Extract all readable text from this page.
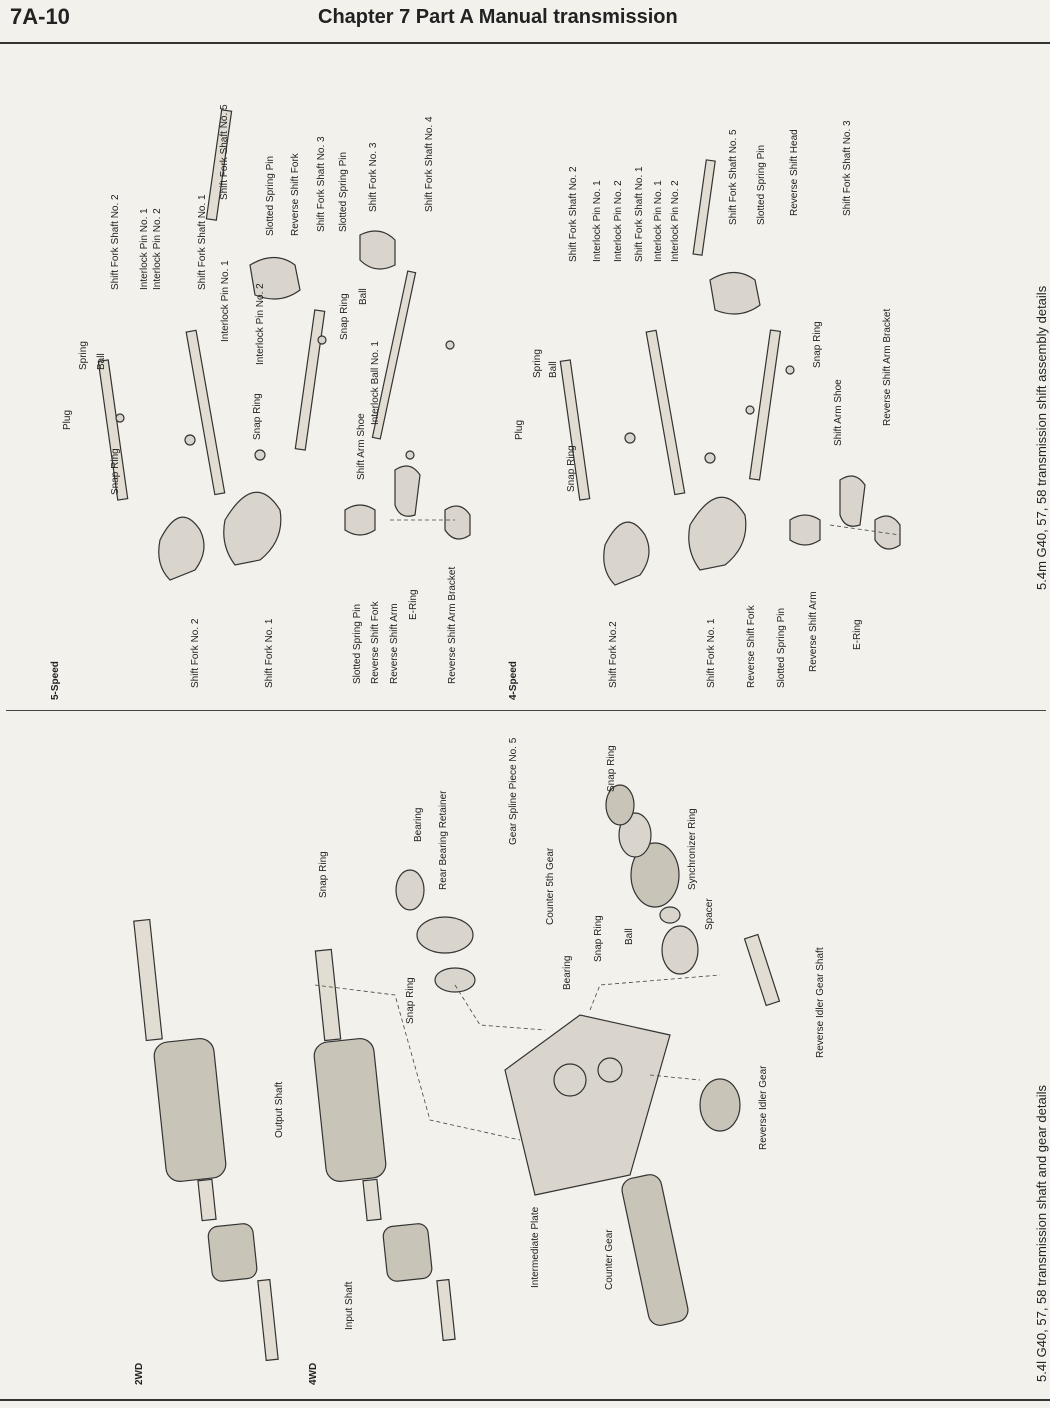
7A-10	Chapter 7 Part A Manual transmission
5-Speed	4-Speed
Shift Fork Shaft No. 2 Interlock Pin No. 1 Interlock Pin No. 2	Shift Fork Shaft No. 1
Interlock Pin No. 1
Shift Fork Shaft No. 5	Slotted Spring Pin Reverse Shift Fork Shift Fork Shaft No. 3 Slotted Spring Pin Shift Fork No. 3	Shift Fork Shaft No. 4
Interlock Pin No. 2
Snap Ring
Snap Ring Ball
Interlock Ball No. 1
Shift Arm Shoe
Plug
Spring Ball
Snap Ring
Shift Fork No. 2	Shift Fork No. 1	Slotted Spring Pin Reverse Shift Fork Reverse Shift Arm E-Ring	Reverse Shift Arm Bracket
Shift Fork Shaft No. 2 Interlock Pin No. 1 Interlock Pin No. 2 Shift Fork Shaft No. 1 Interlock Pin No. 1 Interlock Pin No. 2	Shift Fork Shaft No. 5 Slotted Spring Pin Reverse Shift Head	Shift Fork Shaft No. 3
Plug
Spring Ball
Snap Ring
Snap Ring
Shift Arm Shoe	Reverse Shift Arm Bracket
Shift Fork No.2	Shift Fork No. 1	Reverse Shift Fork Slotted Spring Pin Reverse Shift Arm	E-Ring
5.4m G40, 57, 58 transmission shift assembly details
2WD	4WD
Snap Ring
Bearing Rear Bearing Retainer
Snap Ring
Output Shaft
Gear Spline Piece No. 5	Snap Ring
Counter 5th Gear	Synchronizer Ring
Snap Ring Ball
Spacer
Bearing	Reverse Idler Gear Shaft
Reverse Idler Gear
Intermediate Plate	Counter Gear
Input Shaft	5.4l G40, 57, 58 transmission shaft and gear details
